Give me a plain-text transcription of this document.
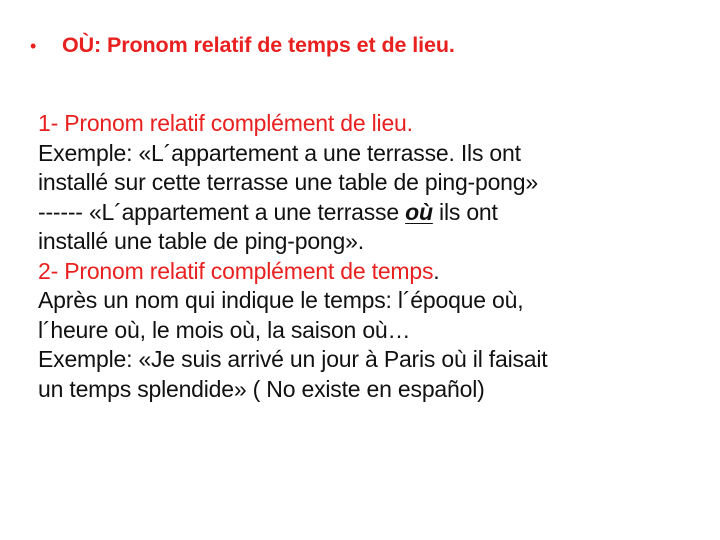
•	OÙ: Pronom relatif de temps et de lieu.
1- Pronom relatif complément de lieu.
Exemple: «L´appartement a une terrasse. Ils ont
installé sur cette terrasse une table de ping-pong»
------ «L´appartement a une terrasse où ils ont
installé une table de ping-pong».
2- Pronom relatif complément de temps.
Après un nom qui indique le temps: l´époque où,
l´heure où, le mois où, la saison où…
Exemple: «Je suis arrivé un jour à Paris où il faisait
un temps splendide» ( No existe en español)
